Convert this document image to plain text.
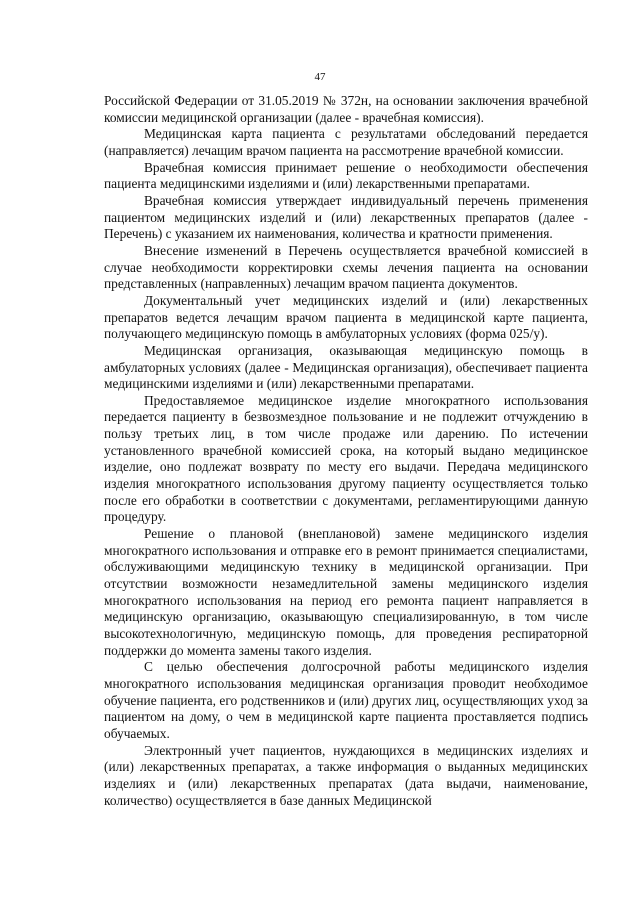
47

Российской Федерации от 31.05.2019 № 372н, на основании заключения врачебной комиссии медицинской организации (далее - врачебная комиссия).

Медицинская карта пациента с результатами обследований передается (направляется) лечащим врачом пациента на рассмотрение врачебной комиссии.

Врачебная комиссия принимает решение о необходимости обеспечения пациента медицинскими изделиями и (или) лекарственными препаратами.

Врачебная комиссия утверждает индивидуальный перечень применения пациентом медицинских изделий и (или) лекарственных препаратов (далее - Перечень) с указанием их наименования, количества и кратности применения.

Внесение изменений в Перечень осуществляется врачебной комиссией в случае необходимости корректировки схемы лечения пациента на основании представленных (направленных) лечащим врачом пациента документов.

Документальный учет медицинских изделий и (или) лекарственных препаратов ведется лечащим врачом пациента в медицинской карте пациента, получающего медицинскую помощь в амбулаторных условиях (форма 025/у).

Медицинская организация, оказывающая медицинскую помощь в амбулаторных условиях (далее - Медицинская организация), обеспечивает пациента медицинскими изделиями и (или) лекарственными препаратами.

Предоставляемое медицинское изделие многократного использования передается пациенту в безвозмездное пользование и не подлежит отчуждению в пользу третьих лиц, в том числе продаже или дарению. По истечении установленного врачебной комиссией срока, на который выдано медицинское изделие, оно подлежат возврату по месту его выдачи. Передача медицинского изделия многократного использования другому пациенту осуществляется только после его обработки в соответствии с документами, регламентирующими данную процедуру.

Решение о плановой (внеплановой) замене медицинского изделия многократного использования и отправке его в ремонт принимается специалистами, обслуживающими медицинскую технику в медицинской организации. При отсутствии возможности незамедлительной замены медицинского изделия многократного использования на период его ремонта пациент направляется в медицинскую организацию, оказывающую специализированную, в том числе высокотехнологичную, медицинскую помощь, для проведения респираторной поддержки до момента замены такого изделия.

С целью обеспечения долгосрочной работы медицинского изделия многократного использования медицинская организация проводит необходимое обучение пациента, его родственников и (или) других лиц, осуществляющих уход за пациентом на дому, о чем в медицинской карте пациента проставляется подпись обучаемых.

Электронный учет пациентов, нуждающихся в медицинских изделиях и (или) лекарственных препаратах, а также информация о выданных медицинских изделиях и (или) лекарственных препаратах (дата выдачи, наименование, количество) осуществляется в базе данных Медицинской
